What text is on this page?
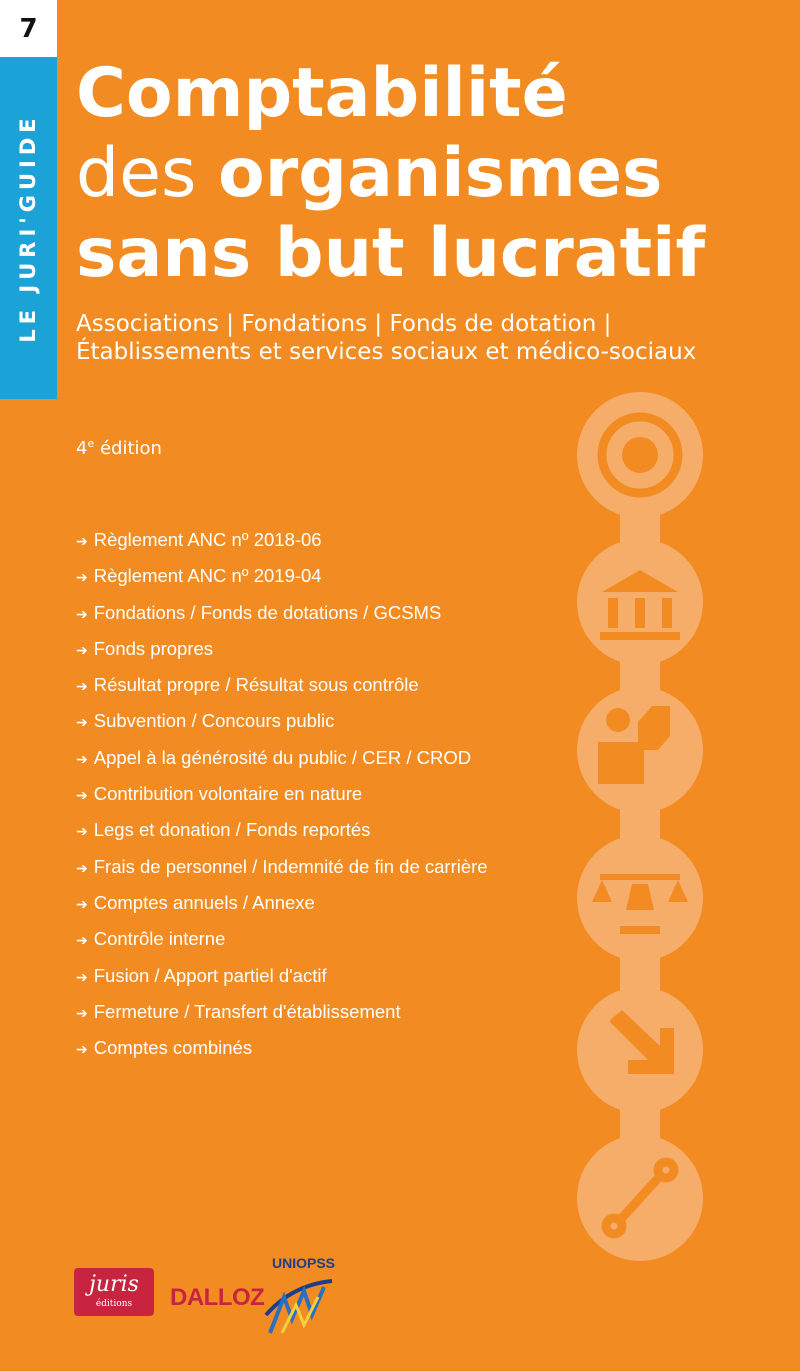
7
LE JURI'GUIDE
Comptabilité
des organismes
sans but lucratif
Associations | Fondations | Fonds de dotation | Établissements et services sociaux et médico-sociaux
4e édition
➔ Règlement ANC nº 2018-06
➔ Règlement ANC nº 2019-04
➔ Fondations / Fonds de dotations / GCSMS
➔ Fonds propres
➔ Résultat propre / Résultat sous contrôle
➔ Subvention / Concours public
➔ Appel à la générosité du public / CER / CROD
➔ Contribution volontaire en nature
➔ Legs et donation / Fonds reportés
➔ Frais de personnel / Indemnité de fin de carrière
➔ Comptes annuels / Annexe
➔ Contrôle interne
➔ Fusion / Apport partiel d'actif
➔ Fermeture / Transfert d'établissement
➔ Comptes combinés
juris
éditions	DALLOZ
UNIOPSS
